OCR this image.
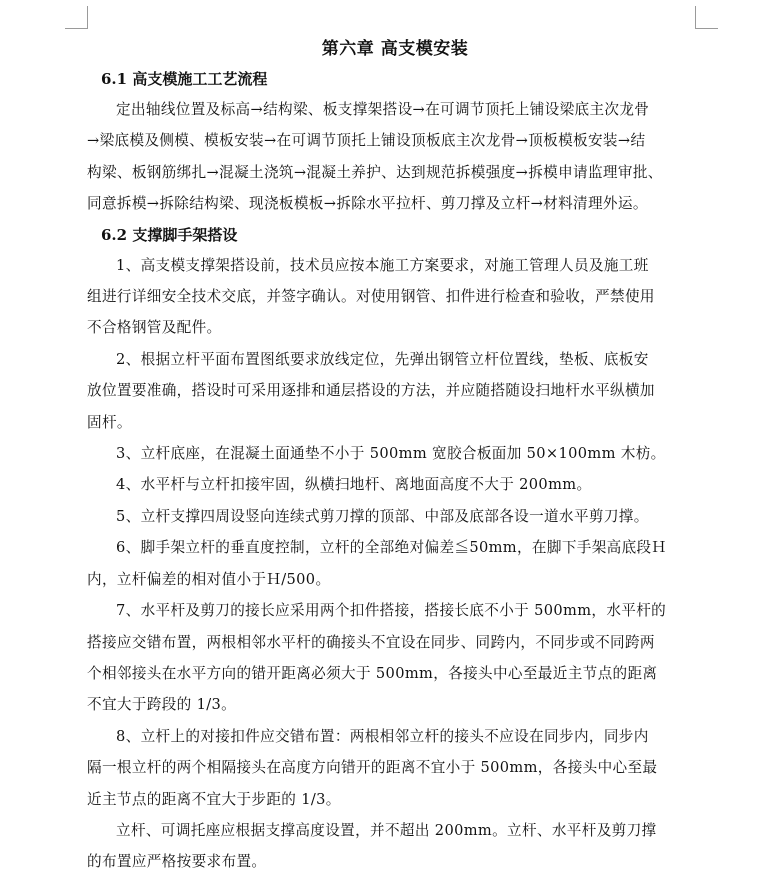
第六章 高支模安装
6.1 高支模施工工艺流程

定出轴线位置及标高→结构梁、板支撑架搭设→在可调节顶托上铺设梁底主次龙骨
→梁底模及侧模、模板安装→在可调节顶托上铺设顶板底主次龙骨→顶板模板安装→结
构梁、板钢筋绑扎→混凝土浇筑→混凝土养护、达到规范拆模强度→拆模申请监理审批、
同意拆模→拆除结构梁、现浇板模板→拆除水平拉杆、剪刀撑及立杆→材料清理外运。

6.2 支撑脚手架搭设

1、高支模支撑架搭设前，技术员应按本施工方案要求，对施工管理人员及施工班
组进行详细安全技术交底，并签字确认。对使用钢管、扣件进行检查和验收，严禁使用
不合格钢管及配件。

2、根据立杆平面布置图纸要求放线定位，先弹出钢管立杆位置线，垫板、底板安
放位置要准确，搭设时可采用逐排和通层搭设的方法，并应随搭随设扫地杆水平纵横加
固杆。

3、立杆底座，在混凝土面通垫不小于 500mm 宽胶合板面加 50×100mm 木枋。

4、水平杆与立杆扣接牢固，纵横扫地杆、离地面高度不大于 200mm。

5、立杆支撑四周设竖向连续式剪刀撑的顶部、中部及底部各设一道水平剪刀撑。

6、脚手架立杆的垂直度控制，立杆的全部绝对偏差≦50mm，在脚下手架高底段Ｈ
内，立杆偏差的相对值小于Ｈ/500。

7、水平杆及剪刀的接长应采用两个扣件搭接，搭接长底不小于 500mm，水平杆的
搭接应交错布置，两根相邻水平杆的确接头不宜设在同步、同跨内，不同步或不同跨两
个相邻接头在水平方向的错开距离必须大于 500mm，各接头中心至最近主节点的距离
不宜大于跨段的 1/3。

8、立杆上的对接扣件应交错布置：两根相邻立杆的接头不应设在同步内，同步内
隔一根立杆的两个相隔接头在高度方向错开的距离不宜小于 500mm，各接头中心至最
近主节点的距离不宜大于步距的 1/3。

立杆、可调托座应根据支撑高度设置，并不超出 200mm。立杆、水平杆及剪刀撑
的布置应严格按要求布置。
